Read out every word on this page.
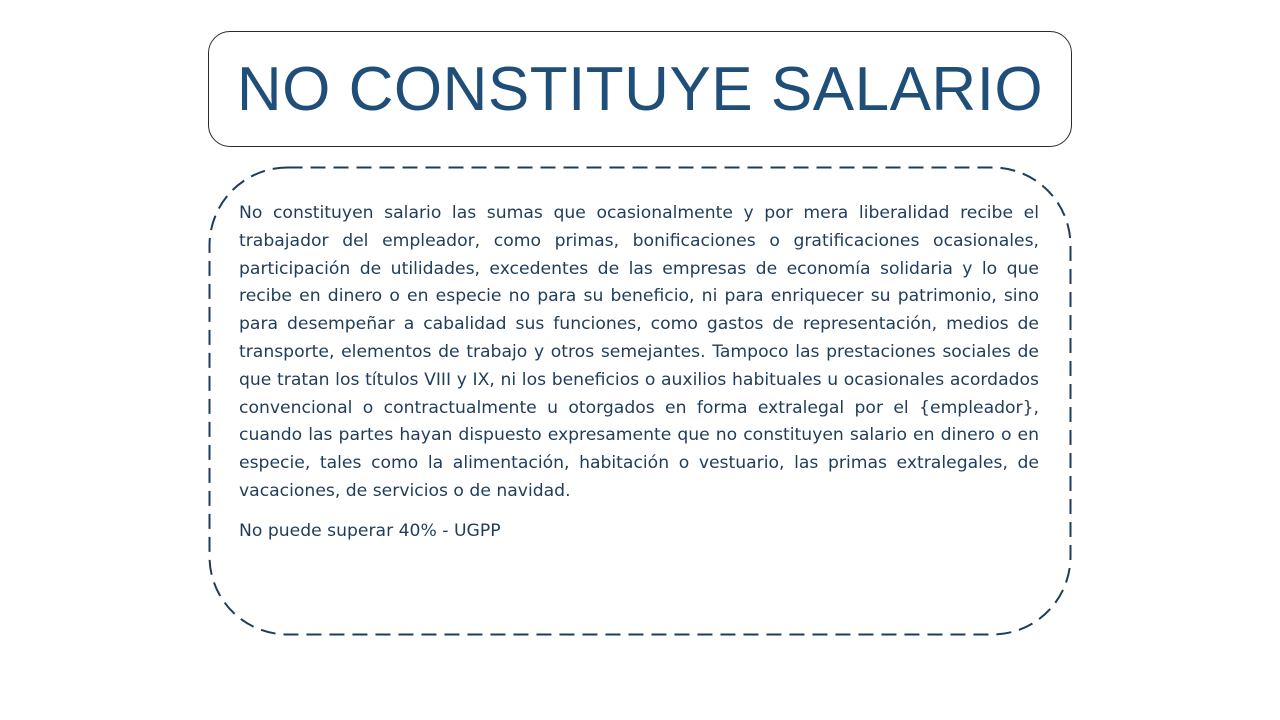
NO CONSTITUYE SALARIO

No constituyen salario las sumas que ocasionalmente y por mera liberalidad recibe el trabajador del empleador, como primas, bonificaciones o gratificaciones ocasionales, participación de utilidades, excedentes de las empresas de economía solidaria y lo que recibe en dinero o en especie no para su beneficio, ni para enriquecer su patrimonio, sino para desempeñar a cabalidad sus funciones, como gastos de representación, medios de transporte, elementos de trabajo y otros semejantes. Tampoco las prestaciones sociales de que tratan los títulos VIII y IX, ni los beneficios o auxilios habituales u ocasionales acordados convencional o contractualmente u otorgados en forma extralegal por el {empleador}, cuando las partes hayan dispuesto expresamente que no constituyen salario en dinero o en especie, tales como la alimentación, habitación o vestuario, las primas extralegales, de vacaciones, de servicios o de navidad.

No puede superar 40% - UGPP
